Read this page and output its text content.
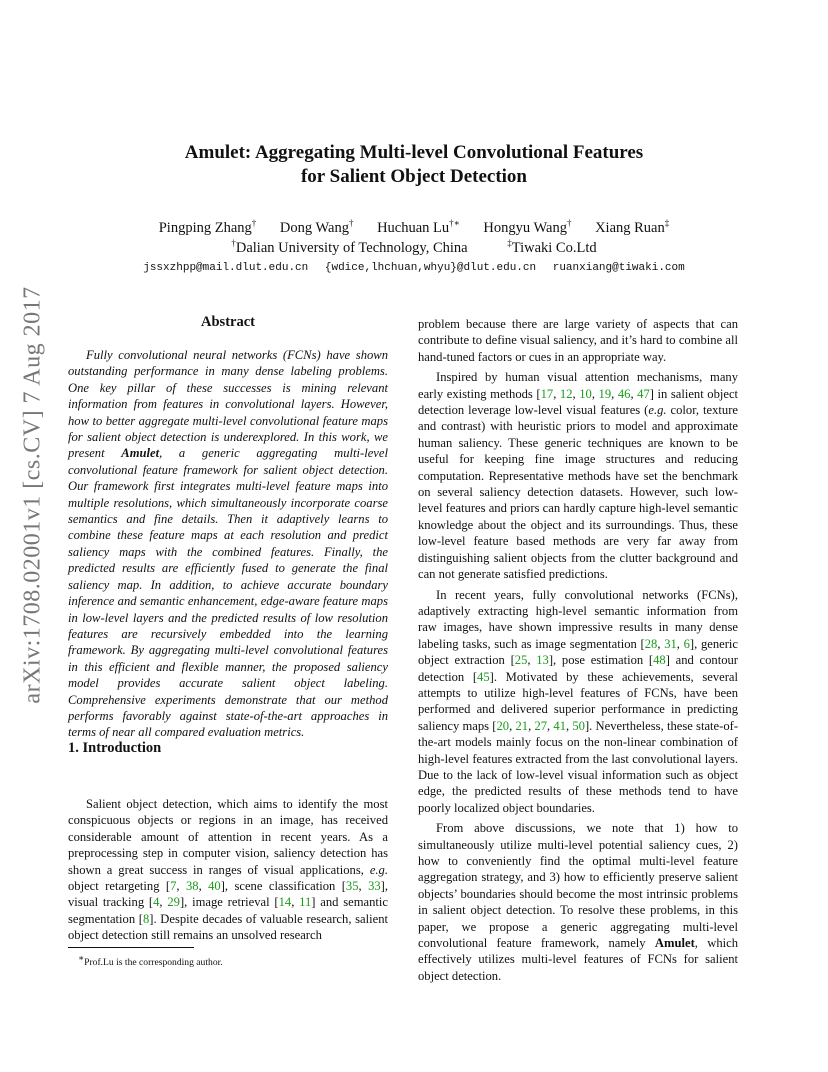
arXiv:1708.02001v1 [cs.CV] 7 Aug 2017
Amulet: Aggregating Multi-level Convolutional Features
for Salient Object Detection
Pingping Zhang† Dong Wang† Huchuan Lu†∗ Hongyu Wang† Xiang Ruan‡
†Dalian University of Technology, China	‡Tiwaki Co.Ltd
jssxzhpp@mail.dlut.edu.cn {wdice,lhchuan,whyu}@dlut.edu.cn ruanxiang@tiwaki.com
Abstract

Fully convolutional neural networks (FCNs) have shown outstanding performance in many dense labeling problems. One key pillar of these successes is mining relevant information from features in convolutional layers. However, how to better aggregate multi-level convolutional feature maps for salient object detection is underexplored. In this work, we present Amulet, a generic aggregating multi-level convolutional feature framework for salient object detection. Our framework first integrates multi-level feature maps into multiple resolutions, which simultaneously incorporate coarse semantics and fine details. Then it adaptively learns to combine these feature maps at each resolution and predict saliency maps with the combined features. Finally, the predicted results are efficiently fused to generate the final saliency map. In addition, to achieve accurate boundary inference and semantic enhancement, edge-aware feature maps in low-level layers and the predicted results of low resolution features are recursively embedded into the learning framework. By aggregating multi-level convolutional features in this efficient and flexible manner, the proposed saliency model provides accurate salient object labeling. Comprehensive experiments demonstrate that our method performs favorably against state-of-the-art approaches in terms of near all compared evaluation metrics.

1. Introduction

Salient object detection, which aims to identify the most conspicuous objects or regions in an image, has received considerable amount of attention in recent years. As a preprocessing step in computer vision, saliency detection has shown a great success in ranges of visual applications, e.g. object retargeting [7, 38, 40], scene classification [35, 33], visual tracking [4, 29], image retrieval [14, 11] and semantic segmentation [8]. Despite decades of valuable research, salient object detection still remains an unsolved research

problem because there are large variety of aspects that can contribute to define visual saliency, and it’s hard to combine all hand-tuned factors or cues in an appropriate way.

Inspired by human visual attention mechanisms, many early existing methods [17, 12, 10, 19, 46, 47] in salient object detection leverage low-level visual features (e.g. color, texture and contrast) with heuristic priors to model and approximate human saliency. These generic techniques are known to be useful for keeping fine image structures and reducing computation. Representative methods have set the benchmark on several saliency detection datasets. However, such low-level features and priors can hardly capture high-level semantic knowledge about the object and its surroundings. Thus, these low-level feature based methods are very far away from distinguishing salient objects from the clutter background and can not generate satisfied predictions.

In recent years, fully convolutional networks (FCNs), adaptively extracting high-level semantic information from raw images, have shown impressive results in many dense labeling tasks, such as image segmentation [28, 31, 6], generic object extraction [25, 13], pose estimation [48] and contour detection [45]. Motivated by these achievements, several attempts to utilize high-level features of FCNs, have been performed and delivered superior performance in predicting saliency maps [20, 21, 27, 41, 50]. Nevertheless, these state-of-the-art models mainly focus on the non-linear combination of high-level features extracted from the last convolutional layers. Due to the lack of low-level visual information such as object edge, the predicted results of these methods tend to have poorly localized object boundaries.

From above discussions, we note that 1) how to simultaneously utilize multi-level potential saliency cues, 2) how to conveniently find the optimal multi-level feature aggregation strategy, and 3) how to efficiently preserve salient objects’ boundaries should become the most intrinsic problems in salient object detection. To resolve these problems, in this paper, we propose a generic aggregating multi-level convolutional feature framework, namely Amulet, which effectively utilizes multi-level features of FCNs for salient object detection.

∗Prof.Lu is the corresponding author.
